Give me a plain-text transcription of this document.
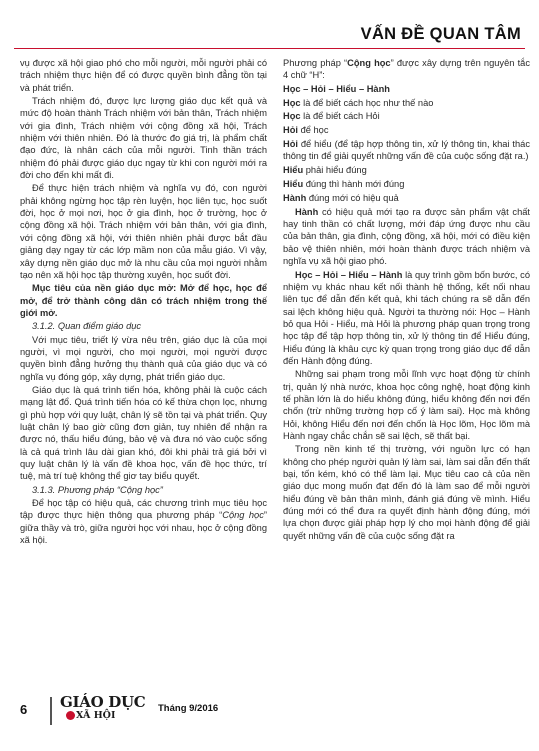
VẤN ĐỀ QUAN TÂM

vụ được xã hội giao phó cho mỗi người, mỗi người phải có trách nhiệm thực hiện để có được quyền bình đẳng tồn tại và phát triển.

Trách nhiệm đó, được lực lượng giáo dục kết quả và mức độ hoàn thành Trách nhiệm với bản thân, Trách nhiệm với gia đình, Trách nhiệm với cộng đồng xã hội, Trách nhiệm với thiên nhiên. Đó là thước đo giá trị, là phẩm chất đạo đức, là nhân cách của mỗi người. Tinh thần trách nhiệm đó phải được giáo dục ngay từ khi con người mới ra đời cho đến khi mất đi.

Để thực hiện trách nhiệm và nghĩa vụ đó, con người phải không ngừng học tập rèn luyện, học liên tục, học suốt đời, học ở mọi nơi, học ở gia đình, học ở trường, học ở cộng đồng xã hội. Trách nhiệm với bản thân, với gia đình, với cộng đồng xã hội, với thiên nhiên phải được bắt đầu giảng dạy ngay từ các lớp mầm non của mẫu giáo. Vì vậy, xây dựng nền giáo dục mở là nhu cầu của mọi người nhằm tạo nên xã hội học tập thường xuyên, học suốt đời.

Mục tiêu của nền giáo dục mở: Mở để học, học để mở, để trở thành công dân có trách nhiệm trong thế giới mở.

3.1.2. Quan điểm giáo dục

Với mục tiêu, triết lý vừa nêu trên, giáo dục là của mọi người, vì mọi người, cho mọi người, mọi người được quyền bình đẳng hưởng thụ thành quả của giáo dục và có nghĩa vụ đóng góp, xây dựng, phát triển giáo dục.

Giáo dục là quá trình tiến hóa, không phải là cuộc cách mạng lật đổ. Quá trình tiến hóa có kế thừa chọn lọc, nhưng gì phù hợp với quy luật, chân lý sẽ tồn tại và phát triển. Quy luật chân lý bao giờ cũng đơn giản, tuy nhiên để nhận ra được nó, thấu hiểu đúng, bảo vệ và đưa nó vào cuộc sống là cả quá trình lâu dài gian khó, đôi khi phải trả giá bởi vì quy luật chân lý là vấn đề khoa học, vấn đề học thức, trí tuệ, mà trí tuệ không thể giơ tay biểu quyết.

3.1.3. Phương pháp “Cộng học”

Để học tập có hiệu quả, các chương trình mục tiêu học tập được thực hiện thông qua phương pháp “Cộng học” giữa thầy và trò, giữa người học với nhau, học ở cộng đồng xã hội.

Phương pháp “Cộng học” được xây dựng trên nguyên tắc 4 chữ “H”:

Học – Hỏi – Hiểu – Hành

Học là để biết cách học như thế nào

Học là để biết cách Hỏi

Hỏi để học

Hỏi để hiểu (để tập hợp thông tin, xử lý thông tin, khai thác thông tin để giải quyết những vấn đề của cuộc sống đặt ra.)

Hiểu phải hiểu đúng

Hiểu đúng thì hành mới đúng

Hành đúng mới có hiệu quả

Hành có hiệu quả mới tạo ra được sản phẩm vật chất hay tinh thần có chất lượng, mới đáp ứng được nhu cầu của bản thân, gia đình, cộng đồng, xã hội, mới có điều kiện bảo vệ thiên nhiên, mới hoàn thành được trách nhiệm và nghĩa vụ xã hội giao phó.

Học – Hỏi – Hiểu – Hành là quy trình gồm bốn bước, có nhiệm vụ khác nhau kết nối thành hệ thống, kết nối nhau liên tục để dẫn đến kết quả, khi tách chúng ra sẽ dẫn đến sai lệch không hiệu quả. Người ta thường nói: Học – Hành bỏ qua Hỏi - Hiểu, mà Hỏi là phương pháp quan trọng trong học tập để tập hợp thông tin, xử lý thông tin để Hiểu đúng, Hiểu đúng là khâu cực kỳ quan trọng trong giáo dục để dẫn đến Hành động đúng.

Những sai phạm trong mỗi lĩnh vực hoạt động từ chính trị, quản lý nhà nước, khoa học công nghệ, hoạt động kinh tế phần lớn là do hiểu không đúng, hiểu không đến nơi đến chốn (trừ những trường hợp cố ý làm sai). Học mà không Hỏi, không Hiểu đến nơi đến chốn là Học lõm, Học lõm mà Hành ngay chắc chắn sẽ sai lệch, sẽ thất bại.

Trong nền kinh tế thị trường, với nguồn lực có hạn không cho phép người quản lý làm sai, làm sai dẫn đến thất bại, tốn kém, khó có thể làm lại. Mục tiêu cao cả của nền giáo dục mong muốn đạt đến đó là làm sao để mỗi người hiểu đúng về bản thân mình, đánh giá đúng về mình. Hiểu đúng mới có thể đưa ra quyết định hành động đúng, mới lựa chọn được giải pháp hợp lý cho mọi hành động để giải quyết những vấn đề của cuộc sống đặt ra

6 GIÁO DỤC
XÃ HỘI
Tháng 9/2016
